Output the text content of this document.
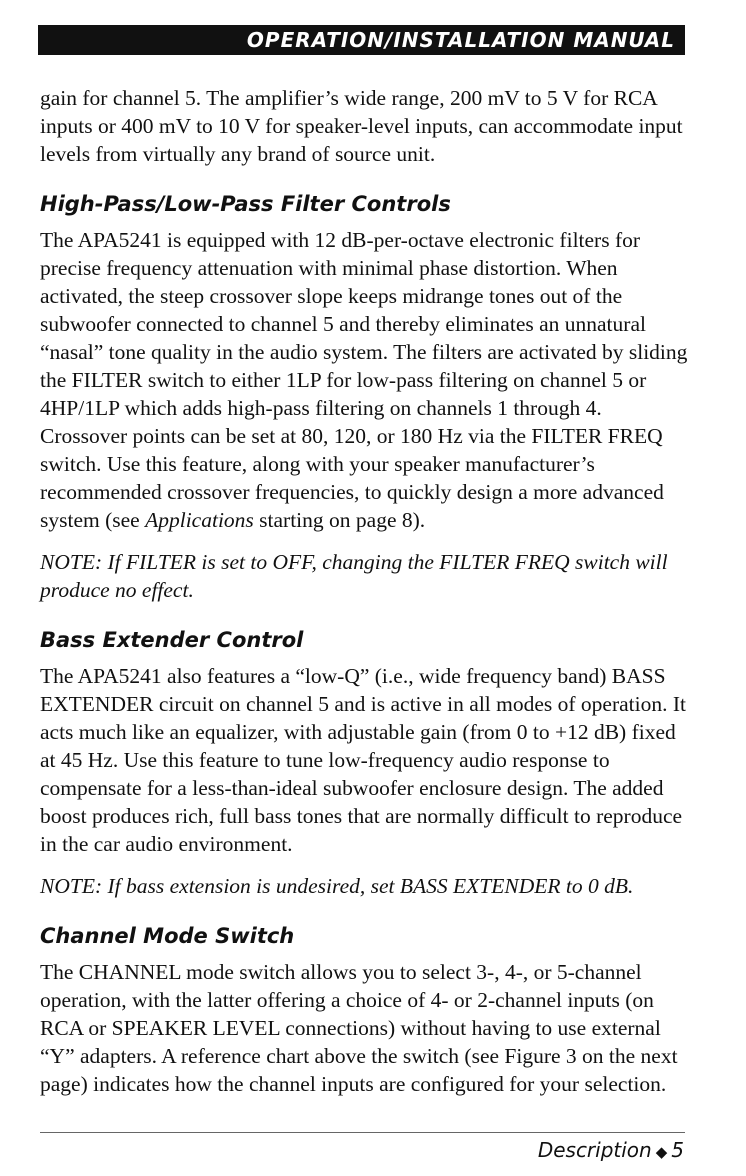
OPERATION/INSTALLATION MANUAL

gain for channel 5. The amplifier’s wide range, 200 mV to 5 V for RCA inputs or 400 mV to 10 V for speaker-level inputs, can accommodate input levels from virtually any brand of source unit.

High-Pass/Low-Pass Filter Controls

The APA5241 is equipped with 12 dB-per-octave electronic filters for precise frequency attenuation with minimal phase distortion. When activated, the steep crossover slope keeps midrange tones out of the subwoofer connected to channel 5 and thereby eliminates an unnatural “nasal” tone quality in the audio system. The filters are activated by sliding the FILTER switch to either 1LP for low-pass filtering on channel 5 or 4HP/1LP which adds high-pass filtering on channels 1 through 4. Crossover points can be set at 80, 120, or 180 Hz via the FILTER FREQ switch. Use this feature, along with your speaker manufacturer’s recommended crossover frequencies, to quickly design a more advanced system (see Applications starting on page 8).

NOTE: If FILTER is set to OFF, changing the FILTER FREQ switch will produce no effect.

Bass Extender Control

The APA5241 also features a “low-Q” (i.e., wide frequency band) BASS EXTENDER circuit on channel 5 and is active in all modes of operation. It acts much like an equalizer, with adjustable gain (from 0 to +12 dB) fixed at 45 Hz. Use this feature to tune low-frequency audio response to compensate for a less-than-ideal subwoofer enclosure design. The added boost produces rich, full bass tones that are normally difficult to reproduce in the car audio environment.

NOTE: If bass extension is undesired, set BASS EXTENDER to 0 dB.

Channel Mode Switch

The CHANNEL mode switch allows you to select 3-, 4-, or 5-channel operation, with the latter offering a choice of 4- or 2-channel inputs (on RCA or SPEAKER LEVEL connections) without having to use external “Y” adapters. A reference chart above the switch (see Figure 3 on the next page) indicates how the channel inputs are configured for your selection.

Description ◆ 5
